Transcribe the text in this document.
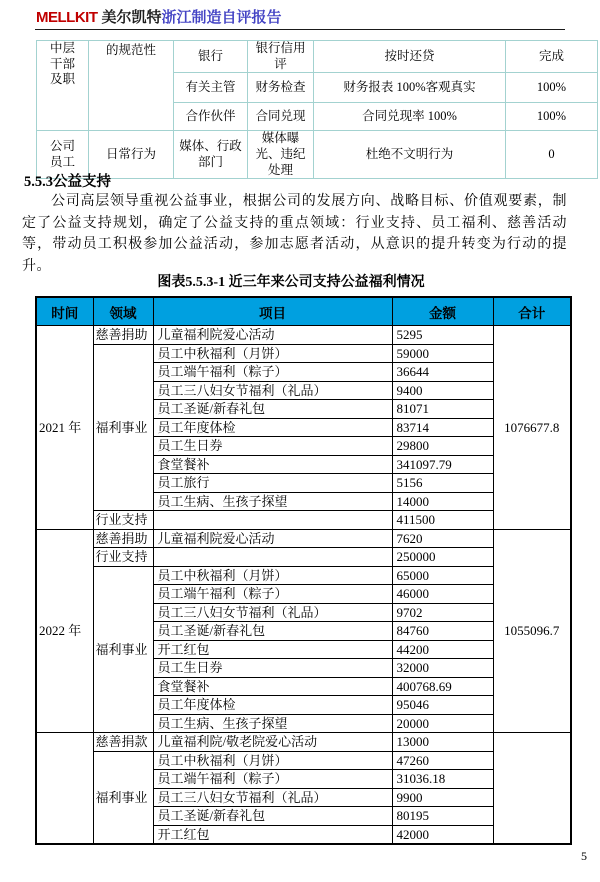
MELLKIT 美尔凯特浙江制造自评报告
中层干部及职	的规范性	银行	银行信用评	按时还贷	完成
		有关主管	财务检查	财务报表 100%客观真实	100%
		合作伙伴	合同兑现	合同兑现率 100%	100%
公司员工	日常行为	媒体、行政部门	媒体曝光、违纪处理	杜绝不文明行为	0
5.5.3公益支持

公司高层领导重视公益事业，根据公司的发展方向、战略目标、价值观要素，制定了公益支持规划，确定了公益支持的重点领域：行业支持、员工福利、慈善活动等，带动员工积极参加公益活动，参加志愿者活动，从意识的提升转变为行动的提升。

图表5.5.3-1 近三年来公司支持公益福利情况
时间	领域	项目	金额	合计
2021 年	慈善捐助	儿童福利院爱心活动	5295	1076677.8
	福利事业	员工中秋福利（月饼）	59000	
		员工端午福利（粽子）	36644	
		员工三八妇女节福利（礼品）	9400	
		员工圣诞/新春礼包	81071	
		员工年度体检	83714	
		员工生日券	29800	
		食堂餐补	341097.79	
		员工旅行	5156	
		员工生病、生孩子探望	14000	
	行业支持		411500	
2022 年	慈善捐助	儿童福利院爱心活动	7620	1055096.7
	行业支持		250000	
	福利事业	员工中秋福利（月饼）	65000	
		员工端午福利（粽子）	46000	
		员工三八妇女节福利（礼品）	9702	
		员工圣诞/新春礼包	84760	
		开工红包	44200	
		员工生日券	32000	
		食堂餐补	400768.69	
		员工年度体检	95046	
		员工生病、生孩子探望	20000	
	慈善捐款	儿童福利院/敬老院爱心活动	13000	
	福利事业	员工中秋福利（月饼）	47260	
		员工端午福利（粽子）	31036.18	
		员工三八妇女节福利（礼品）	9900	
		员工圣诞/新春礼包	80195	
		开工红包	42000	
5
